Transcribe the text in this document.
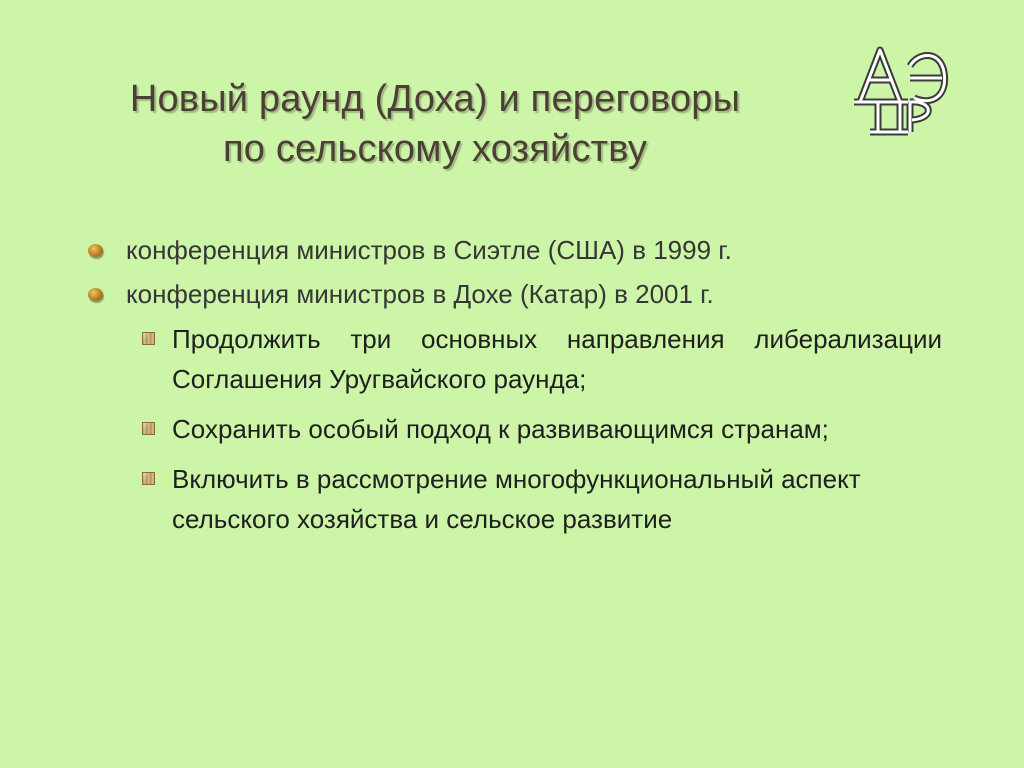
Новый раунд (Доха) и переговоры
по сельскому хозяйству
конференция министров в Сиэтле (США) в 1999 г.
конференция министров в Дохе (Катар) в 2001 г.
Продолжить три основных направления либерализации Соглашения Уругвайского раунда;
Сохранить особый подход к развивающимся странам;
Включить в рассмотрение многофункциональный аспект сельского хозяйства и сельское развитие
